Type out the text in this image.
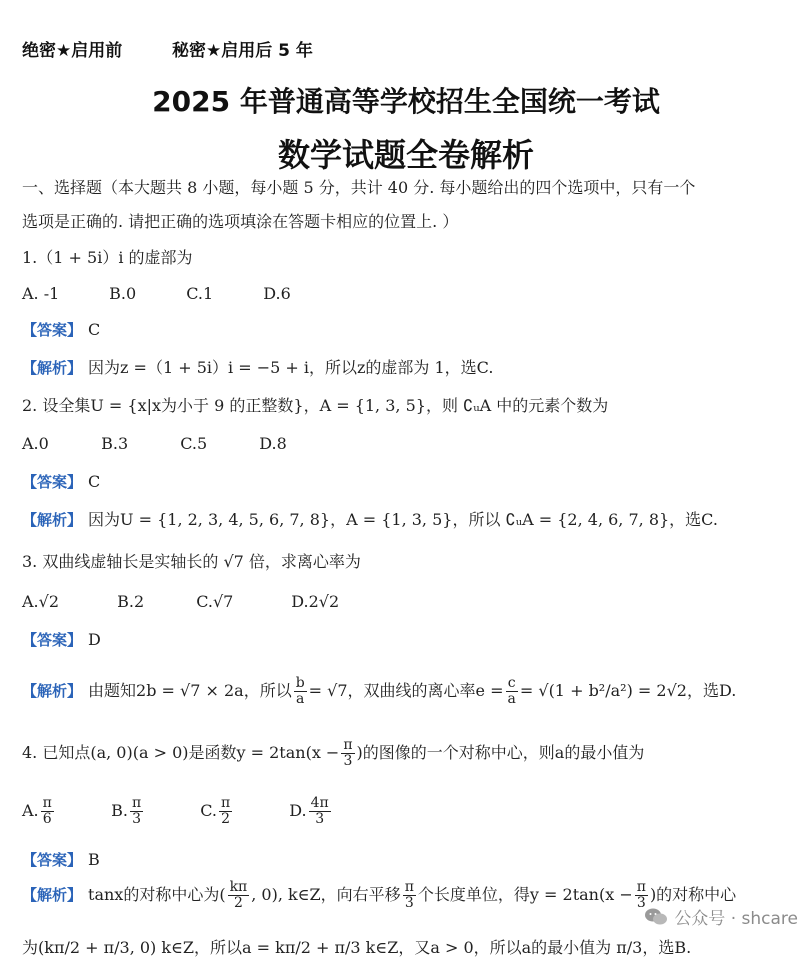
绝密★启用前	秘密★启用后 5 年
2025 年普通高等学校招生全国统一考试
数学试题全卷解析
一、选择题（本大题共 8 小题，每小题 5 分，共计 40 分. 每小题给出的四个选项中，只有一个
选项是正确的. 请把正确的选项填涂在答题卡相应的位置上. ）
1.（1 + 5i）i 的虚部为
A. -1	B.0	C.1	D.6
【答案】 C
【解析】 因为z =（1 + 5i）i = −5 + i，所以z的虚部为 1，选C.
2. 设全集U = {x|x为小于 9 的正整数}，A = {1, 3, 5}，则 ∁ᵤA 中的元素个数为
A.0	B.3	C.5	D.8
【答案】 C
【解析】 因为U = {1, 2, 3, 4, 5, 6, 7, 8}，A = {1, 3, 5}，所以 ∁ᵤA = {2, 4, 6, 7, 8}，选C.
3. 双曲线虚轴长是实轴长的 √7 倍，求离心率为
A.√2	B.2	C.√7	D.2√2
【答案】 D
【解析】 由题知2b = √7 × 2a，所以 $\frac{b}{a} = √7$，双曲线的离心率$e = \frac{c}{a} = √(1 + b^2/a^2) = 2√2$，选D.
4. 已知点(a, 0)(a > 0)是函数$y = 2\tan(x - \frac{\pi}{3}$ )的图像的一个对称中心，则a的最小值为
A. $\frac{\pi}{6}$	B. $\frac{\pi}{3}$	C. $\frac{\pi}{2}$	D. $\frac{4\pi}{3}$
【答案】 B
【解析】 tanx的对称中心为( $\frac{k\pi}{2}$ , 0), k∈Z，向右平移 $\frac{\pi}{3}$ 个长度单位，得$y = 2\tan(x - \frac{\pi}{3}$ )的对称中心
为(kπ/2 + π/3, 0) k∈Z，所以a = kπ/2 + π/3 k∈Z，又a > 0，所以a的最小值为 π/3，选B.
公众号 · shcare
